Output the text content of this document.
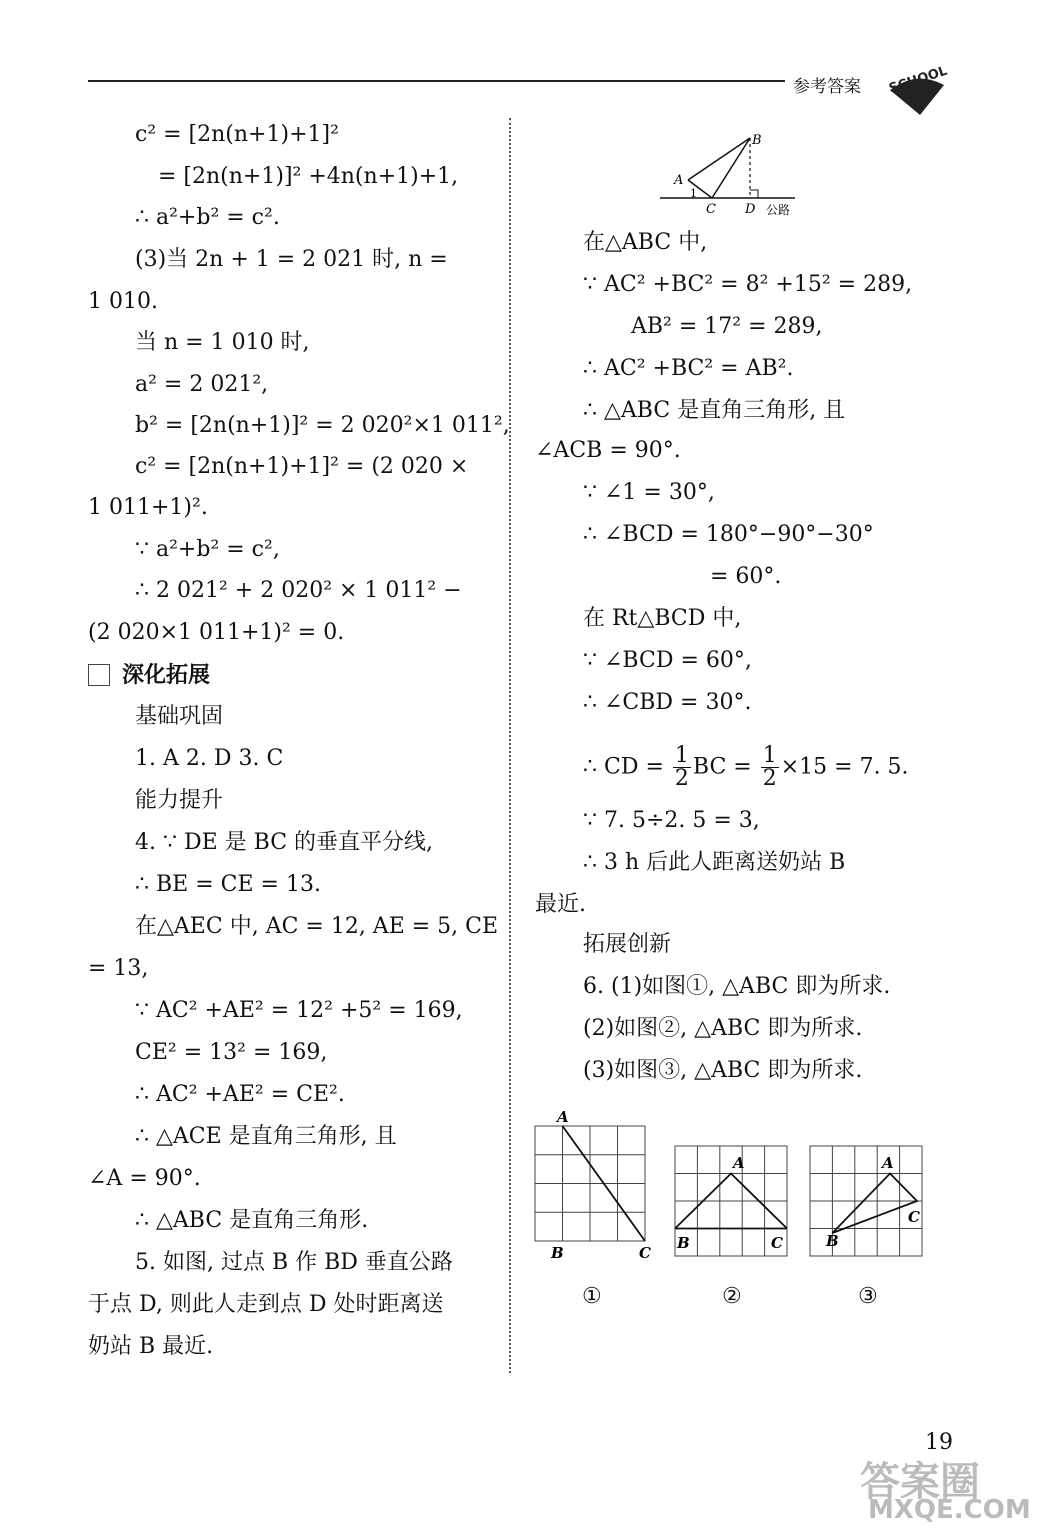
参考答案 SCHOOL
c² = [2n(n+1)+1]²
= [2n(n+1)]² +4n(n+1)+1,
∴ a²+b² = c².
(3)当 2n + 1 = 2 021 时, n =
1 010.
当 n = 1 010 时,
a² = 2 021²,
b² = [2n(n+1)]² = 2 020²×1 011²,
c² = [2n(n+1)+1]² = (2 020 ×
1 011+1)².
∵ a²+b² = c²,
∴ 2 021² + 2 020² × 1 011² −
(2 020×1 011+1)² = 0.
深化拓展
基础巩固
1. A 2. D 3. C
能力提升
4. ∵ DE 是 BC 的垂直平分线,
∴ BE = CE = 13.
在△AEC 中, AC = 12, AE = 5, CE
= 13,
∵ AC² +AE² = 12² +5² = 169,
CE² = 13² = 169,
∴ AC² +AE² = CE².
∴ △ACE 是直角三角形, 且
∠A = 90°.
∴ △ABC 是直角三角形.
5. 如图, 过点 B 作 BD 垂直公路
于点 D, 则此人走到点 D 处时距离送
奶站 B 最近.
A
B
C D
1
公路
在△ABC 中,
∵ AC² +BC² = 8² +15² = 289,
AB² = 17² = 289,
∴ AC² +BC² = AB².
∴ △ABC 是直角三角形, 且
∠ACB = 90°.
∵ ∠1 = 30°,
∴ ∠BCD = 180°−90°−30°
= 60°.
在 Rt△BCD 中,
∵ ∠BCD = 60°,
∴ ∠CBD = 30°.
∴ CD = $\frac{1}{2}$ BC = $\frac{1}{2} \times 15 = 7$. 5.
∵ 7. 5÷2. 5 = 3,
∴ 3 h 后此人距离送奶站 B
最近.
拓展创新
6. (1)如图①, △ABC 即为所求.
(2)如图②, △ABC 即为所求.
(3)如图③, △ABC 即为所求.
A
B	C
A
B	C
A
B
C
①	②	③
19
答案圈
MXQE.COM
